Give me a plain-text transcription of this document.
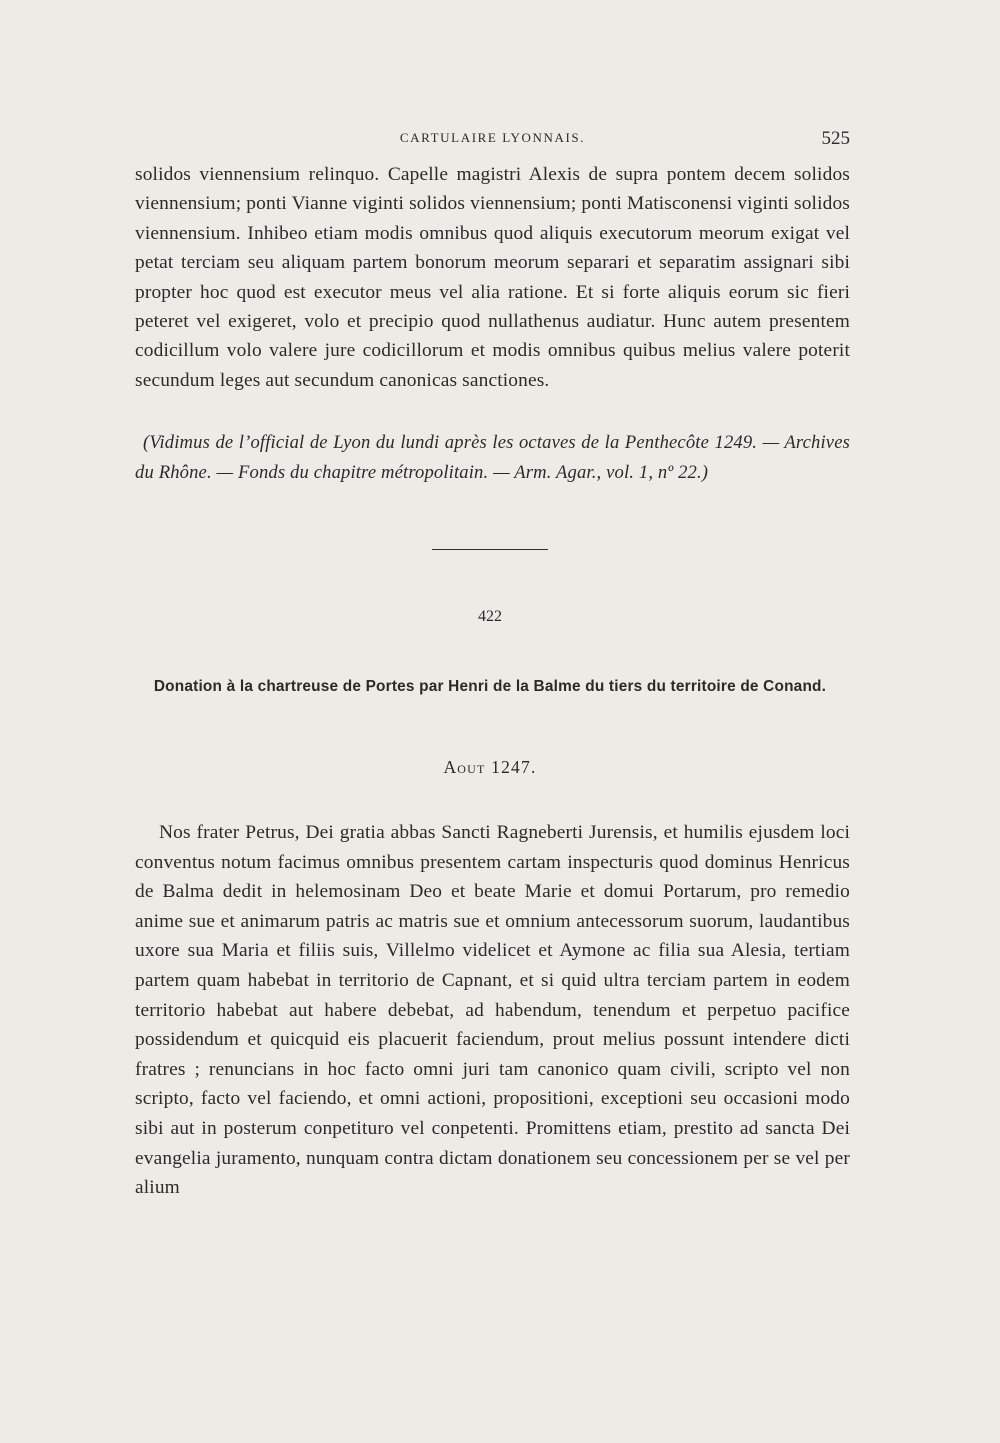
CARTULAIRE LYONNAIS.	525

solidos viennensium relinquo. Capelle magistri Alexis de supra pontem decem solidos viennensium; ponti Vianne viginti solidos viennensium; ponti Matisconensi viginti solidos viennensium. Inhibeo etiam modis omnibus quod aliquis executorum meorum exigat vel petat terciam seu aliquam partem bonorum meorum separari et separatim assignari sibi propter hoc quod est executor meus vel alia ratione. Et si forte aliquis eorum sic fieri peteret vel exigeret, volo et precipio quod nullathenus audiatur. Hunc autem presentem codicillum volo valere jure codicillorum et modis omnibus quibus melius valere poterit secundum leges aut secundum canonicas sanctiones.

(Vidimus de l’official de Lyon du lundi après les octaves de la Penthecôte 1249. — Archives du Rhône. — Fonds du chapitre métropolitain. — Arm. Agar., vol. 1, nº 22.)

422
Donation à la chartreuse de Portes par Henri de la Balme du tiers du territoire de Conand.
Aout 1247.

Nos frater Petrus, Dei gratia abbas Sancti Ragneberti Jurensis, et humilis ejusdem loci conventus notum facimus omnibus presentem cartam inspecturis quod dominus Henricus de Balma dedit in helemosinam Deo et beate Marie et domui Portarum, pro remedio anime sue et animarum patris ac matris sue et omnium antecessorum suorum, laudantibus uxore sua Maria et filiis suis, Villelmo videlicet et Aymone ac filia sua Alesia, tertiam partem quam habebat in territorio de Capnant, et si quid ultra terciam partem in eodem territorio habebat aut habere debebat, ad habendum, tenendum et perpetuo pacifice possidendum et quicquid eis placuerit faciendum, prout melius possunt intendere dicti fratres ; renuncians in hoc facto omni juri tam canonico quam civili, scripto vel non scripto, facto vel faciendo, et omni actioni, propositioni, exceptioni seu occasioni modo sibi aut in posterum conpetituro vel conpetenti. Promittens etiam, prestito ad sancta Dei evangelia juramento, nunquam contra dictam donationem seu concessionem per se vel per alium
